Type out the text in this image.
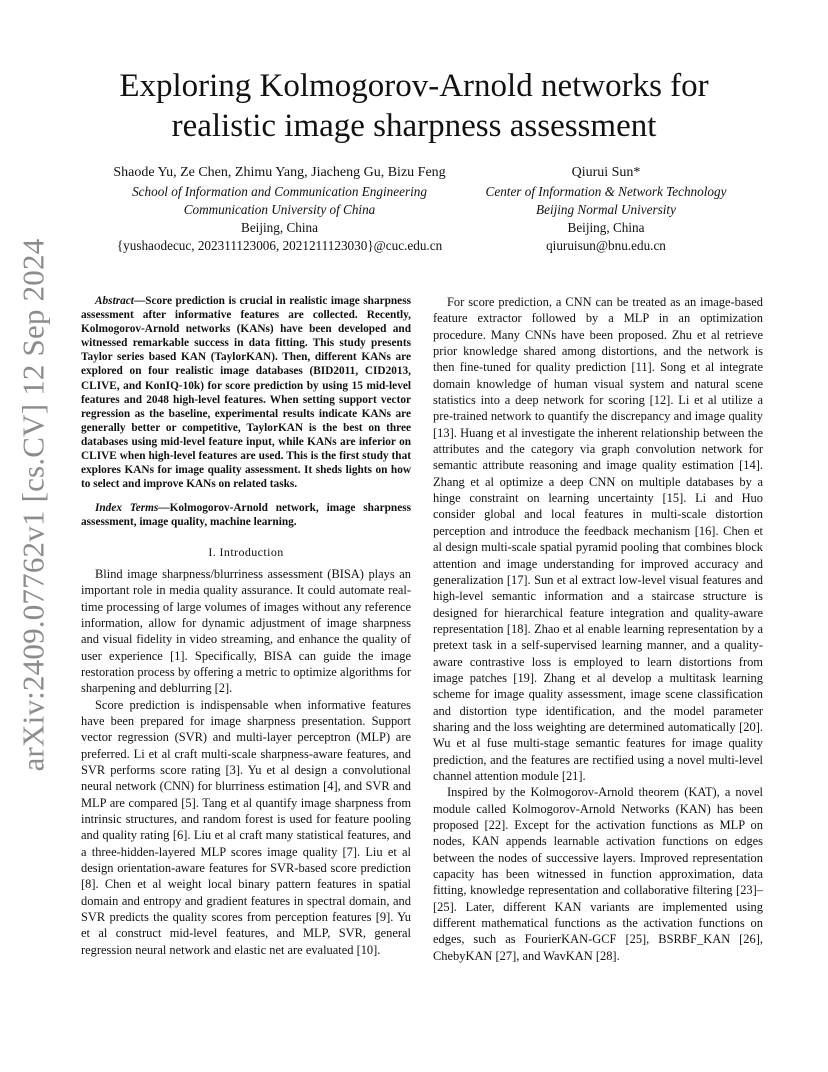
arXiv:2409.07762v1 [cs.CV] 12 Sep 2024
Exploring Kolmogorov-Arnold networks for
realistic image sharpness assessment
Shaode Yu, Ze Chen, Zhimu Yang, Jiacheng Gu, Bizu Feng
School of Information and Communication Engineering
Communication University of China
Beijing, China
{yushaodecuc, 202311123006, 2021211123030}@cuc.edu.cn
Qiurui Sun*
Center of Information & Network Technology
Beijing Normal University
Beijing, China
qiuruisun@bnu.edu.cn

Abstract—Score prediction is crucial in realistic image sharpness assessment after informative features are collected. Recently, Kolmogorov-Arnold networks (KANs) have been developed and witnessed remarkable success in data fitting. This study presents Taylor series based KAN (TaylorKAN). Then, different KANs are explored on four realistic image databases (BID2011, CID2013, CLIVE, and KonIQ-10k) for score prediction by using 15 mid-level features and 2048 high-level features. When setting support vector regression as the baseline, experimental results indicate KANs are generally better or competitive, TaylorKAN is the best on three databases using mid-level feature input, while KANs are inferior on CLIVE when high-level features are used. This is the first study that explores KANs for image quality assessment. It sheds lights on how to select and improve KANs on related tasks.

Index Terms—Kolmogorov-Arnold network, image sharpness assessment, image quality, machine learning.

I. Introduction

Blind image sharpness/blurriness assessment (BISA) plays an important role in media quality assurance. It could automate real-time processing of large volumes of images without any reference information, allow for dynamic adjustment of image sharpness and visual fidelity in video streaming, and enhance the quality of user experience [1]. Specifically, BISA can guide the image restoration process by offering a metric to optimize algorithms for sharpening and deblurring [2].

Score prediction is indispensable when informative features have been prepared for image sharpness presentation. Support vector regression (SVR) and multi-layer perceptron (MLP) are preferred. Li et al craft multi-scale sharpness-aware features, and SVR performs score rating [3]. Yu et al design a convolutional neural network (CNN) for blurriness estimation [4], and SVR and MLP are compared [5]. Tang et al quantify image sharpness from intrinsic structures, and random forest is used for feature pooling and quality rating [6]. Liu et al craft many statistical features, and a three-hidden-layered MLP scores image quality [7]. Liu et al design orientation-aware features for SVR-based score prediction [8]. Chen et al weight local binary pattern features in spatial domain and entropy and gradient features in spectral domain, and SVR predicts the quality scores from perception features [9]. Yu et al construct mid-level features, and MLP, SVR, general regression neural network and elastic net are evaluated [10].

For score prediction, a CNN can be treated as an image-based feature extractor followed by a MLP in an optimization procedure. Many CNNs have been proposed. Zhu et al retrieve prior knowledge shared among distortions, and the network is then fine-tuned for quality prediction [11]. Song et al integrate domain knowledge of human visual system and natural scene statistics into a deep network for scoring [12]. Li et al utilize a pre-trained network to quantify the discrepancy and image quality [13]. Huang et al investigate the inherent relationship between the attributes and the category via graph convolution network for semantic attribute reasoning and image quality estimation [14]. Zhang et al optimize a deep CNN on multiple databases by a hinge constraint on learning uncertainty [15]. Li and Huo consider global and local features in multi-scale distortion perception and introduce the feedback mechanism [16]. Chen et al design multi-scale spatial pyramid pooling that combines block attention and image understanding for improved accuracy and generalization [17]. Sun et al extract low-level visual features and high-level semantic information and a staircase structure is designed for hierarchical feature integration and quality-aware representation [18]. Zhao et al enable learning representation by a pretext task in a self-supervised learning manner, and a quality-aware contrastive loss is employed to learn distortions from image patches [19]. Zhang et al develop a multitask learning scheme for image quality assessment, image scene classification and distortion type identification, and the model parameter sharing and the loss weighting are determined automatically [20]. Wu et al fuse multi-stage semantic features for image quality prediction, and the features are rectified using a novel multi-level channel attention module [21].

Inspired by the Kolmogorov-Arnold theorem (KAT), a novel module called Kolmogorov-Arnold Networks (KAN) has been proposed [22]. Except for the activation functions as MLP on nodes, KAN appends learnable activation functions on edges between the nodes of successive layers. Improved representation capacity has been witnessed in function approximation, data fitting, knowledge representation and collaborative filtering [23]–[25]. Later, different KAN variants are implemented using different mathematical functions as the activation functions on edges, such as FourierKAN-GCF [25], BSRBF_KAN [26], ChebyKAN [27], and WavKAN [28].
